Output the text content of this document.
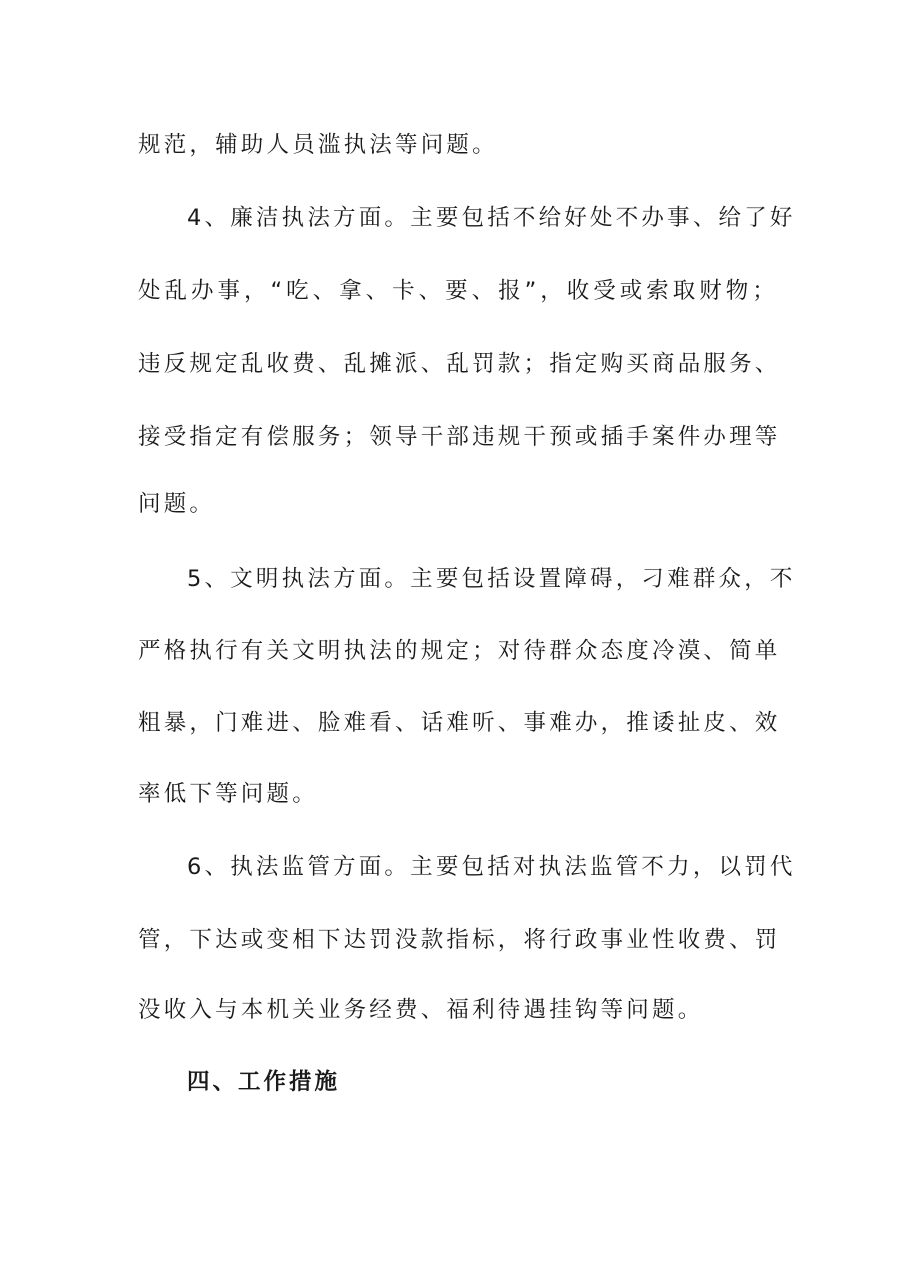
规范，辅助人员滥执法等问题。
4、廉洁执法方面。主要包括不给好处不办事、给了好
处乱办事，“吃、拿、卡、要、报”，收受或索取财物；
违反规定乱收费、乱摊派、乱罚款；指定购买商品服务、
接受指定有偿服务；领导干部违规干预或插手案件办理等
问题。
5、文明执法方面。主要包括设置障碍，刁难群众，不
严格执行有关文明执法的规定；对待群众态度冷漠、简单
粗暴，门难进、脸难看、话难听、事难办，推诿扯皮、效
率低下等问题。
6、执法监管方面。主要包括对执法监管不力，以罚代
管，下达或变相下达罚没款指标，将行政事业性收费、罚
没收入与本机关业务经费、福利待遇挂钩等问题。
四、工作措施
